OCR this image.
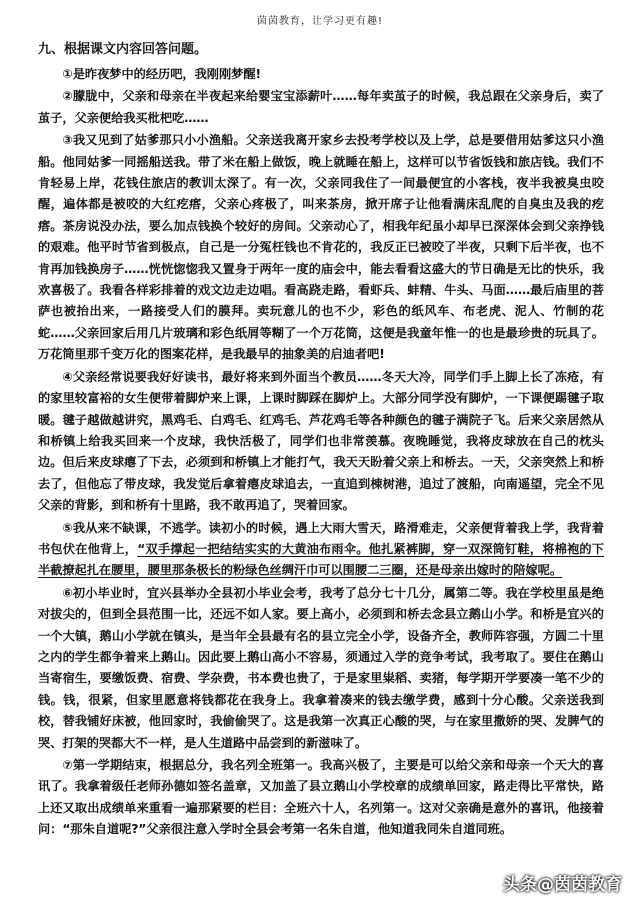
茵茵教育，让学习更有趣!
九、根据课文内容回答问题。

①是昨夜梦中的经历吧，我刚刚梦醒!

②朦胧中，父亲和母亲在半夜起来给婴宝宝添薪叶……每年卖茧子的时候，我总跟在父亲身后，卖了茧子，父亲便给我买枇杷吃……

③我又见到了姑爹那只小小渔船。父亲送我离开家乡去投考学校以及上学，总是要借用姑爹这只小渔船。他同姑爹一同摇船送我。带了米在船上做饭，晚上就睡在船上，这样可以节省饭钱和旅店钱。我们不肯轻易上岸，花钱住旅店的教训太深了。有一次，父亲同我住了一间最便宜的小客栈，夜半我被臭虫咬醒，遍体都是被咬的大红疙瘩，父亲心疼极了，叫来茶房，掀开席子让他看满床乱爬的自臭虫及我的疙瘩。茶房说没办法，要么加点钱换个较好的房间。父亲动心了，相我年纪虽小却早已深深体会到父亲挣钱的艰难。他平时节省到极点，自己是一分冤枉钱也不肯花的，我反正已被咬了半夜，只剩下后半夜，也不肯再加钱换房子……恍恍惚惚我又置身于两年一度的庙会中，能去看看这盛大的节日确是无比的快乐，我欢喜极了。我看各样彩排着的戏文边走边唱。看高跷走路，看虾兵、蚌精、牛头、马面……最后庙里的菩萨也被抬出来，一路接受人们的膜拜。卖玩意儿的也不少，彩色的纸风车、布老虎、泥人、竹制的花蛇……父亲回家后用几片玻璃和彩色纸屑等糊了一个万花筒，这便是我童年惟一的也是最珍贵的玩具了。万花筒里那千变万化的图案花样，是我最早的抽象美的启迪者吧!

④父亲经常说要我好好读书，最好将来到外面当个教员……冬天大冷，同学们手上脚上长了冻疮，有的家里较富裕的女生便带着脚炉来上课，上课时脚踩在脚炉上。大部分同学没有脚炉，一下课便踢毽子取暖。毽子越做越讲究，黑鸡毛、白鸡毛、红鸡毛、芦花鸡毛等各种颜色的毽子满院子飞。后来父亲居然从和桥镇上给我买回来一个皮球，我快活极了，同学们也非常羡慕。夜晚睡觉，我将皮球放在自己的枕头边。但后来皮球瘪了下去，必须到和桥镇上才能打气，我天天盼着父亲上和桥去。一天，父亲突然上和桥去了，但他忘了带皮球，我发觉后拿着瘪皮球追去，一直追到棟树港，追过了渡船，向南遥望，完全不见父亲的背影，到和桥有十里路，我不敢再追了，哭着回家。

⑤我从来不缺课，不逃学。读初小的时候，遇上大雨大雪天，路滑难走，父亲便背着我上学，我背着书包伏在他背上，“双手撑起一把结结实实的大黄油布雨伞。他扎紧裤脚，穿一双深筒钉鞋，将棉袍的下半截撩起扎在腰里，腰里那条极长的粉绿色丝绸汗巾可以围腰二三圈，还是母亲出嫁时的陪嫁呢。

⑥初小毕业时，宜兴县举办全县初小毕业会考，我考了总分七十几分，属第二等。我在学校里虽是绝对拔尖的，但到全县范围一比，还远不如人家。要上高小，必须到和桥去念县立鹅山小学。和桥是宜兴的一个大镇，鹅山小学就在镇头，是当年全县最有名的县立完全小学，设备齐全，教师阵容强，方圆二十里之内的学生都争着来上鹅山。因此要上鹅山高小不容易，须通过入学的竞争考试，我考取了。要住在鹅山当寄宿生，要缴饭费、宿费、学杂费，书本费也贵了，于是家里粜稻、卖猪，每学期开学要凑一笔不少的钱。钱，很紧，但家里愿意将钱都花在我身上。我拿着凑来的钱去缴学费，感到十分心酸。父亲送我到校，替我铺好床被，他回家时，我偷偷哭了。这是我第一次真正心酸的哭，与在家里撒娇的哭、发脾气的哭、打架的哭都大不一样，是人生道路中品尝到的新滋味了。

⑦第一学期结束，根据总分，我名列全班第一。我高兴极了，主要是可以给父亲和母亲一个天大的喜讯了。我拿着级任老师孙德如签名盖章，又加盖了县立鹅山小学校章的成绩单回家，路走得比平常快，路上还又取出成绩单来重看一遍那紧要的栏目：全班六十人，名列第一。这对父亲确是意外的喜讯，他接着问：“那朱自道呢?”父亲很注意入学时全县会考第一名朱自道，他知道我同朱自道同班。

头条@茵茵教育
